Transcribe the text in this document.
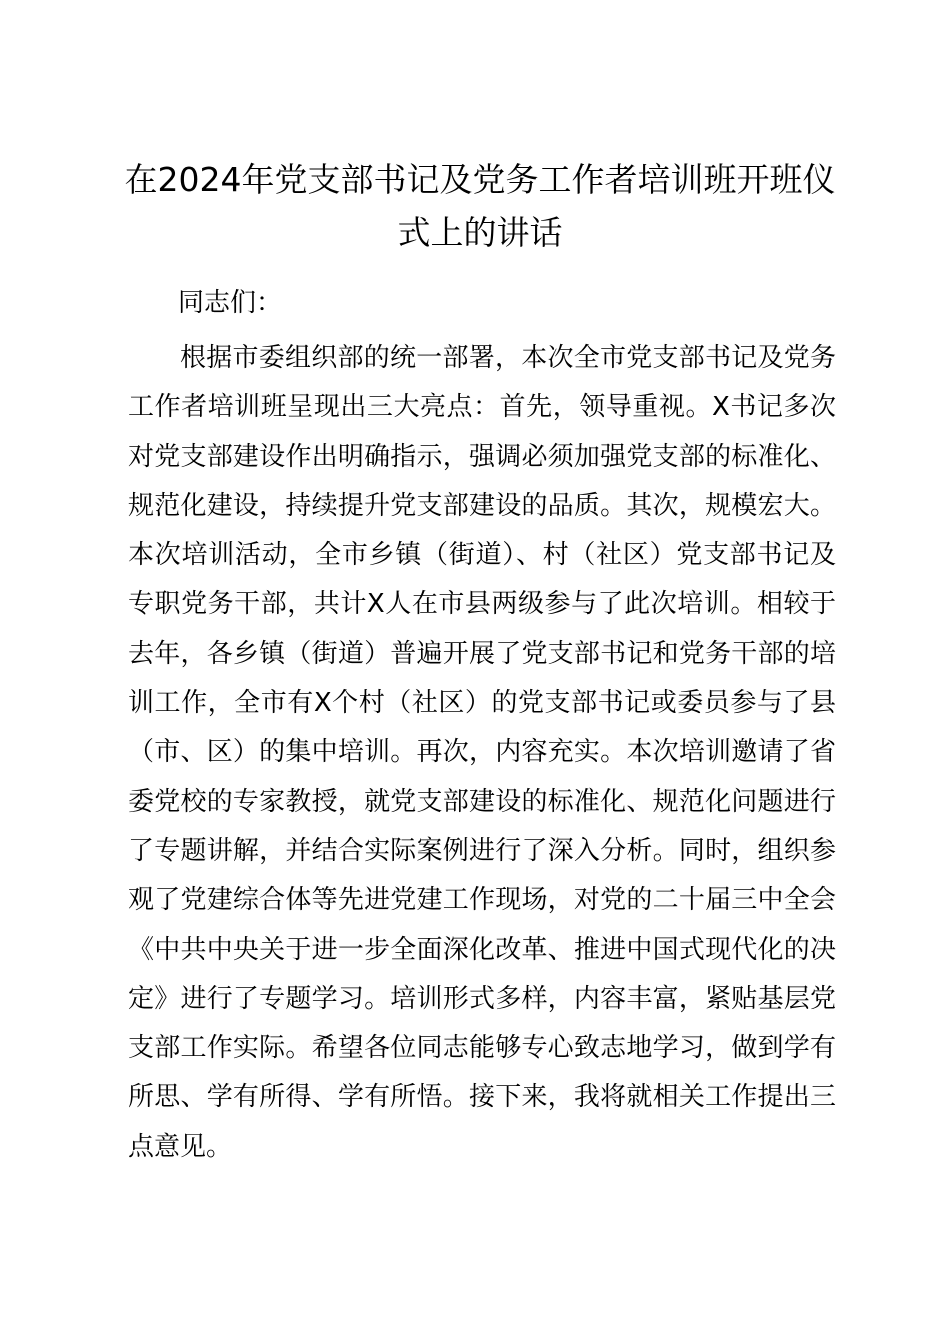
在2024年党支部书记及党务工作者培训班开班仪式上的讲话

同志们：

根据市委组织部的统一部署，本次全市党支部书记及党务工作者培训班呈现出三大亮点：首先，领导重视。X书记多次对党支部建设作出明确指示，强调必须加强党支部的标准化、规范化建设，持续提升党支部建设的品质。其次，规模宏大。本次培训活动，全市乡镇（街道）、村（社区）党支部书记及专职党务干部，共计X人在市县两级参与了此次培训。相较于去年，各乡镇（街道）普遍开展了党支部书记和党务干部的培训工作，全市有X个村（社区）的党支部书记或委员参与了县（市、区）的集中培训。再次，内容充实。本次培训邀请了省委党校的专家教授，就党支部建设的标准化、规范化问题进行了专题讲解，并结合实际案例进行了深入分析。同时，组织参观了党建综合体等先进党建工作现场，对党的二十届三中全会《中共中央关于进一步全面深化改革、推进中国式现代化的决定》进行了专题学习。培训形式多样，内容丰富，紧贴基层党支部工作实际。希望各位同志能够专心致志地学习，做到学有所思、学有所得、学有所悟。接下来，我将就相关工作提出三点意见。
